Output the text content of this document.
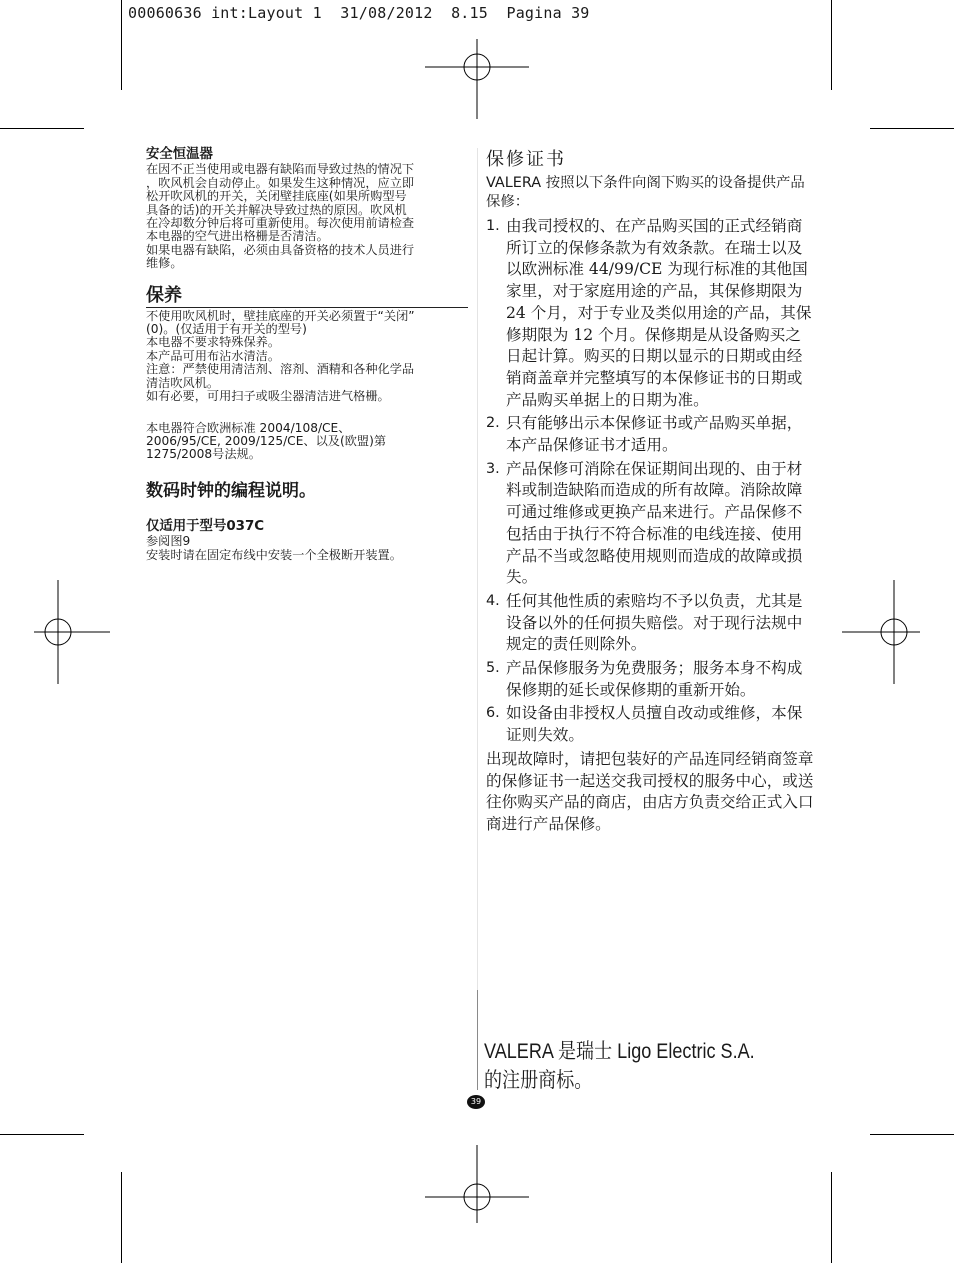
00060636 int:Layout 1  31/08/2012  8.15  Pagina 39
安全恒温器

在因不正当使用或电器有缺陷而导致过热的情况下

，吹风机会自动停止。如果发生这种情况，应立即

松开吹风机的开关，关闭壁挂底座(如果所购型号

具备的话)的开关并解决导致过热的原因。吹风机

在冷却数分钟后将可重新使用。每次使用前请检查

本电器的空气进出格栅是否清洁。

如果电器有缺陷，必须由具备资格的技术人员进行

维修。

保养

不使用吹风机时，壁挂底座的开关必须置于“关闭”

(0)。(仅适用于有开关的型号)

本电器不要求特殊保养。

本产品可用布沾水清洁。

注意：严禁使用清洁剂、溶剂、酒精和各种化学品

清洁吹风机。

如有必要，可用扫子或吸尘器清洁进气格栅。

本电器符合欧洲标准 2004/108/CE、

2006/95/CE, 2009/125/CE、以及(欧盟)第

1275/2008号法规。

数码时钟的编程说明。
仅适用于型号037C

参阅图9

安装时请在固定布线中安装一个全极断开装置。

保修证书

VALERA 按照以下条件向阁下购买的设备提供产品保修：

1. 由我司授权的、在产品购买国的正式经销商所订立的保修条款为有效条款。在瑞士以及以欧洲标准 44/99/CE 为现行标准的其他国家里，对于家庭用途的产品，其保修期限为 24 个月，对于专业及类似用途的产品，其保修期限为 12 个月。保修期是从设备购买之日起计算。购买的日期以显示的日期或由经销商盖章并完整填写的本保修证书的日期或产品购买单据上的日期为准。
2. 只有能够出示本保修证书或产品购买单据，本产品保修证书才适用。
3. 产品保修可消除在保证期间出现的、由于材料或制造缺陷而造成的所有故障。消除故障可通过维修或更换产品来进行。产品保修不包括由于执行不符合标准的电线连接、使用产品不当或忽略使用规则而造成的故障或损失。
4. 任何其他性质的索赔均不予以负责，尤其是设备以外的任何损失赔偿。对于现行法规中规定的责任则除外。
5. 产品保修服务为免费服务；服务本身不构成保修期的延长或保修期的重新开始。
6. 如设备由非授权人员擅自改动或维修，本保证则失效。

出现故障时，请把包装好的产品连同经销商签章的保修证书一起送交我司授权的服务中心，或送往你购买产品的商店，由店方负责交给正式入口商进行产品保修。

VALERA 是瑞士 Ligo Electric S.A.的注册商标。
39
